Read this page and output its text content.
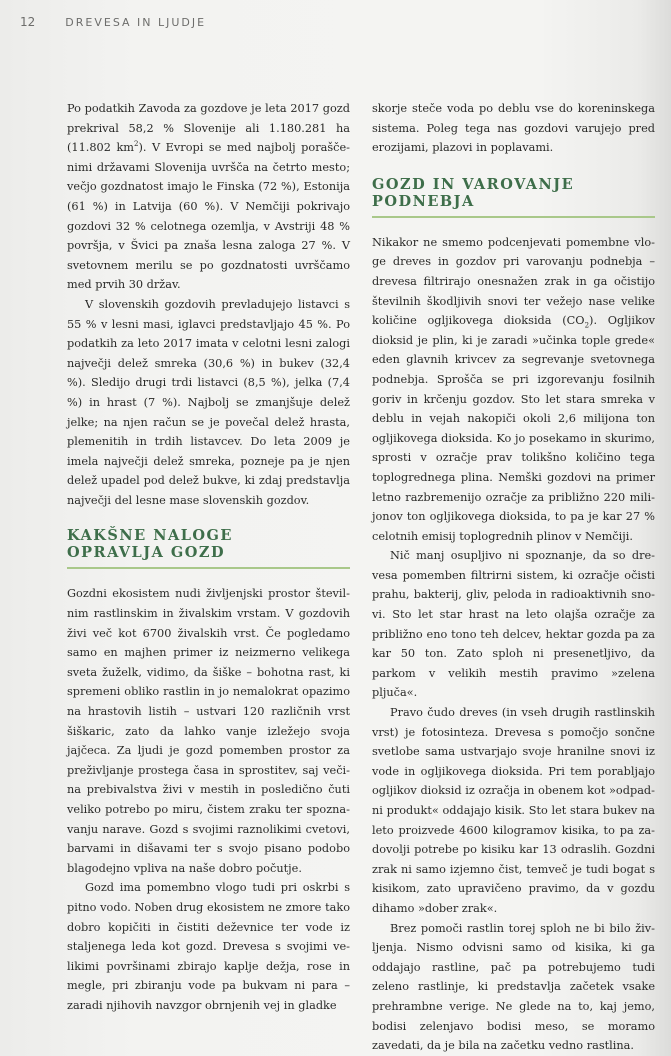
12	DREVESA IN LJUDJE

Po podatkih Zavoda za gozdove je leta 2017 gozd prekrival 58,2 % Slovenije ali 1.180.281 ha (11.802 $km^2$). V Evropi se med najbolj poraščenimi državami Slovenija uvršča na četrto mesto; večjo gozdnatost imajo le Finska (72 %), Estonija (61 %) in Latvija (60 %). V Nemčiji pokrivajo gozdovi 32 % celotnega ozemlja, v Avstriji 48 % površja, v Švici pa znaša lesna zaloga 27 %. V svetovnem merilu se po gozdnatosti uvrščamo med prvih 30 držav.

V slovenskih gozdovih prevladujejo listavci s 55 % v lesni masi, iglavci predstavljajo 45 %. Po podatkih za leto 2017 imata v celotni lesni zalogi največji delež smreka (30,6 %) in bukev (32,4 %). Sledijo drugi trdi listavci (8,5 %), jelka (7,4 %) in hrast (7 %). Najbolj se zmanjšuje delež jelke; na njen račun se je povečal delež hrasta, plemenitih in trdih listavcev. Do leta 2009 je imela največji delež smreka, pozneje pa je njen delež upadel pod delež bukve, ki zdaj predstavlja največji del lesne mase slovenskih gozdov.

KAKŠNE NALOGE
OPRAVLJA GOZD

Gozdni ekosistem nudi življenjski prostor številnim rastlinskim in živalskim vrstam. V gozdovih živi več kot 6700 živalskih vrst. Če pogledamo samo en majhen primer iz neizmerno velikega sveta žuželk, vidimo, da šiške – bohotna rast, ki spremeni obliko rastlin in jo nemalokrat opazimo na hrastovih listih – ustvari 120 različnih vrst šiškaric, zato da lahko vanje izležejo svoja jajčeca. Za ljudi je gozd pomemben prostor za preživljanje prostega časa in sprostitev, saj večina prebivalstva živi v mestih in posledično čuti veliko potrebo po miru, čistem zraku ter spoznavanju narave. Gozd s svojimi raznolikimi cvetovi, barvami in dišavami ter s svojo pisano podobo blagodejno vpliva na naše dobro počutje.

Gozd ima pomembno vlogo tudi pri oskrbi s pitno vodo. Noben drug ekosistem ne zmore tako dobro kopičiti in čistiti deževnice ter vode iz staljenega leda kot gozd. Drevesa s svojimi velikimi površinami zbirajo kaplje dežja, rose in megle, pri zbiranju vode pa bukvam ni para – zaradi njihovih navzgor obrnjenih vej in gladke

skorje steče voda po deblu vse do koreninskega sistema. Poleg tega nas gozdovi varujejo pred erozijami, plazovi in poplavami.

GOZD IN VAROVANJE PODNEBJA

Nikakor ne smemo podcenjevati pomembne vloge dreves in gozdov pri varovanju podnebja – drevesa filtrirajo onesnažen zrak in ga očistijo številnih škodljivih snovi ter vežejo nase velike količine ogljikovega dioksida $(CO_2)$. Ogljikov dioksid je plin, ki je zaradi »učinka tople grede« eden glavnih krivcev za segrevanje svetovnega podnebja. Sprošča se pri izgorevanju fosilnih goriv in krčenju gozdov. Sto let stara smreka v deblu in vejah nakopiči okoli 2,6 milijona ton ogljikovega dioksida. Ko jo posekamo in skurimo, sprosti v ozračje prav tolikšno količino tega toplogrednega plina. Nemški gozdovi na primer letno razbremenijo ozračje za približno 220 milijonov ton ogljikovega dioksida, to pa je kar 27 % celotnih emisij toplogrednih plinov v Nemčiji.

Nič manj osupljivo ni spoznanje, da so drevesa pomemben filtrirni sistem, ki ozračje očisti prahu, bakterij, gliv, peloda in radioaktivnih snovi. Sto let star hrast na leto olajša ozračje za približno eno tono teh delcev, hektar gozda pa za kar 50 ton. Zato sploh ni presenetljivo, da parkom v velikih mestih pravimo »zelena pljuča«.

Pravo čudo dreves (in vseh drugih rastlinskih vrst) je fotosinteza. Drevesa s pomočjo sončne svetlobe sama ustvarjajo svoje hranilne snovi iz vode in ogljikovega dioksida. Pri tem porabljajo ogljikov dioksid iz ozračja in obenem kot »odpadni produkt« oddajajo kisik. Sto let stara bukev na leto proizvede 4600 kilogramov kisika, to pa zadovolji potrebe po kisiku kar 13 odraslih. Gozdni zrak ni samo izjemno čist, temveč je tudi bogat s kisikom, zato upravičeno pravimo, da v gozdu dihamo »dober zrak«.

Brez pomoči rastlin torej sploh ne bi bilo življenja. Nismo odvisni samo od kisika, ki ga oddajajo rastline, pač pa potrebujemo tudi zeleno rastlinje, ki predstavlja začetek vsake prehrambne verige. Ne glede na to, kaj jemo, bodisi zelenjavo bodisi meso, se moramo zavedati, da je bila na začetku vedno rastlina.
